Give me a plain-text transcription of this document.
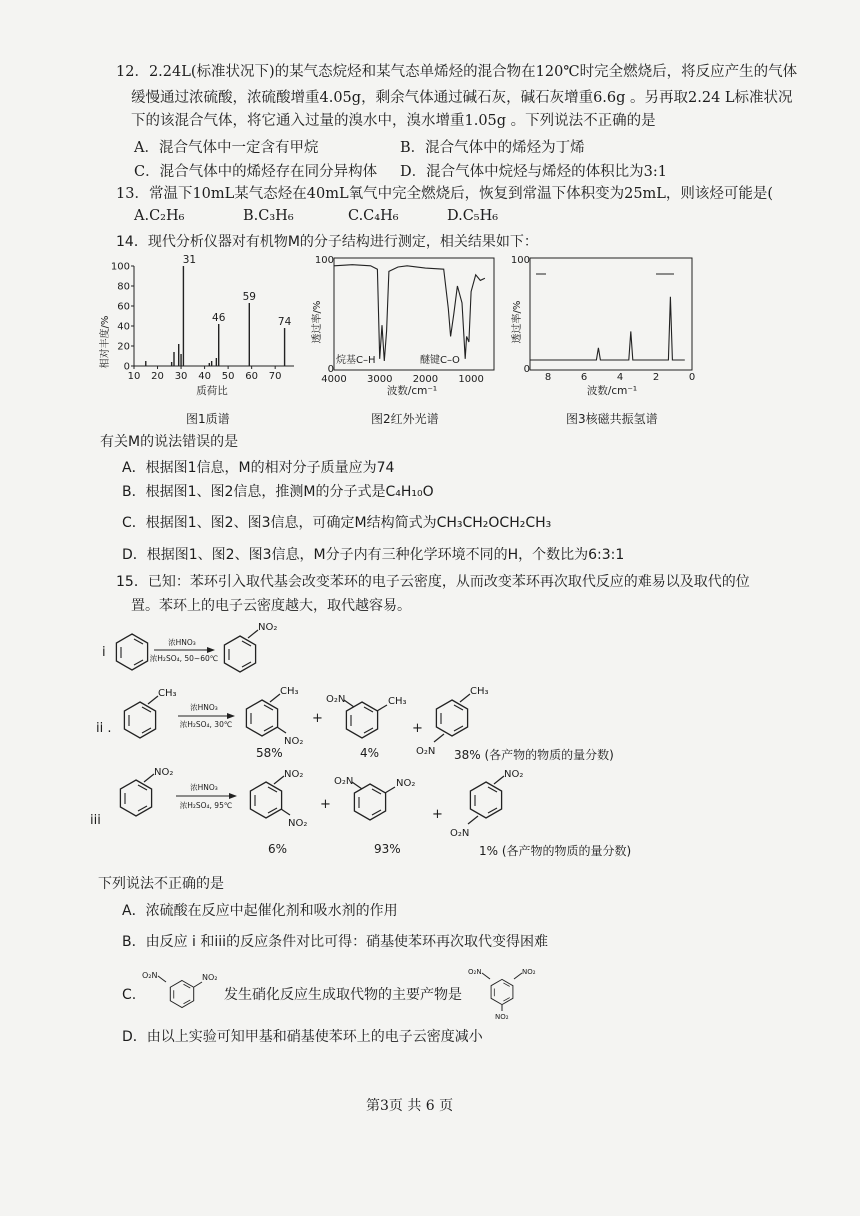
12．2.24L(标准状况下)的某气态烷烃和某气态单烯烃的混合物在120℃时完全燃烧后，将反应产生的气体
缓慢通过浓硫酸，浓硫酸增重4.05g，剩余气体通过碱石灰，碱石灰增重6.6g 。另再取2.24 L标准状况
下的该混合气体，将它通入过量的溴水中，溴水增重1.05g 。下列说法不正确的是
A．混合气体中一定含有甲烷	B．混合气体中的烯烃为丁烯
C．混合气体中的烯烃存在同分异构体 D．混合气体中烷烃与烯烃的体积比为3:1
13．常温下10mL某气态烃在40mL氧气中完全燃烧后，恢复到常温下体积变为25mL，则该烃可能是(
A.C₂H₆	B.C₃H₆	C.C₄H₆	D.C₅H₆
14．现代分析仪器对有机物M的分子结构进行测定，相关结果如下：
相对丰度/% 0
20
40
60
80
100
10 20 30 40 50 60 70
31
46
59
74
质荷比
透过率/%
100
0
烷基C–H	醚键C–O
4000 3000 2000 1000
波数/cm⁻¹
透过率/%
100
0
8	6	4	2	0
波数/cm⁻¹
图1质谱	图2红外光谱	图3核磁共振氢谱
有关M的说法错误的是
A．根据图1信息，M的相对分子质量应为74
B．根据图1、图2信息，推测M的分子式是C₄H₁₀O
C．根据图1、图2、图3信息，可确定M结构简式为CH₃CH₂OCH₂CH₃
D．根据图1、图2、图3信息，M分子内有三种化学环境不同的H，个数比为6:3:1
15．已知：苯环引入取代基会改变苯环的电子云密度，从而改变苯环再次取代反应的难易以及取代的位
置。苯环上的电子云密度越大，取代越容易。
i
浓HNO₃
浓H₂SO₄, 50~60℃
NO₂
ii .
CH₃
浓HNO₃
浓H₂SO₄, 30℃
CH₃
NO₂
+
O₂N	CH₃
+
CH₃
O₂N
iii
NO₂
浓HNO₃
浓H₂SO₄, 95℃
NO₂
NO₂
+
O₂N	NO₂
+
NO₂
O₂N
58%	4%	38% (各产物的物质的量分数)
6%	93%	1% (各产物的物质的量分数)
下列说法不正确的是
A．浓硫酸在反应中起催化剂和吸水剂的作用
B．由反应 i 和iii的反应条件对比可得：硝基使苯环再次取代变得困难
C.
O₂N	NO₂
发生硝化反应生成取代物的主要产物是
O₂N	NO₂
NO₂
D．由以上实验可知甲基和硝基使苯环上的电子云密度减小
第3页 共 6 页
